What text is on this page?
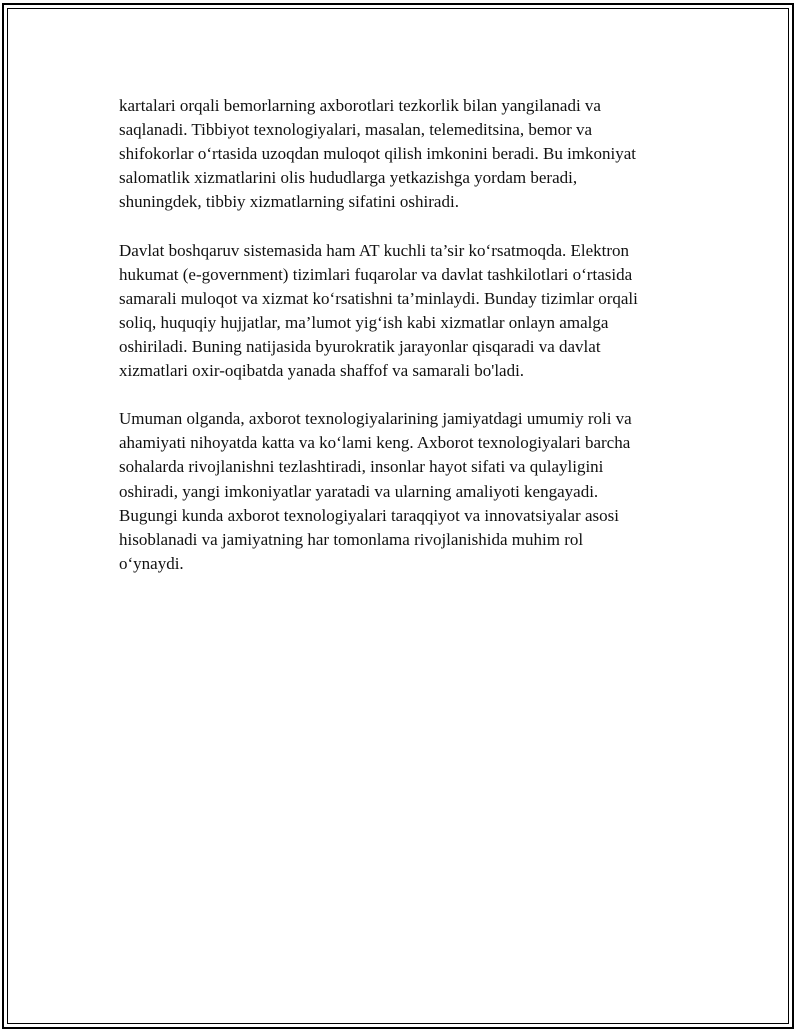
kartalari orqali bemorlarning axborotlari tezkorlik bilan yangilanadi va
saqlanadi. Tibbiyot texnologiyalari, masalan, telemeditsina, bemor va
shifokorlar o‘rtasida uzoqdan muloqot qilish imkonini beradi. Bu imkoniyat
salomatlik xizmatlarini olis hududlarga yetkazishga yordam beradi,
shuningdek, tibbiy xizmatlarning sifatini oshiradi.

Davlat boshqaruv sistemasida ham AT kuchli ta’sir ko‘rsatmoqda. Elektron
hukumat (e-government) tizimlari fuqarolar va davlat tashkilotlari o‘rtasida
samarali muloqot va xizmat ko‘rsatishni ta’minlaydi. Bunday tizimlar orqali
soliq, huquqiy hujjatlar, ma’lumot yig‘ish kabi xizmatlar onlayn amalga
oshiriladi. Buning natijasida byurokratik jarayonlar qisqaradi va davlat
xizmatlari oxir-oqibatda yanada shaffof va samarali bo'ladi.

Umuman olganda, axborot texnologiyalarining jamiyatdagi umumiy roli va
ahamiyati nihoyatda katta va ko‘lami keng. Axborot texnologiyalari barcha
sohalarda rivojlanishni tezlashtiradi, insonlar hayot sifati va qulayligini
oshiradi, yangi imkoniyatlar yaratadi va ularning amaliyoti kengayadi.
Bugungi kunda axborot texnologiyalari taraqqiyot va innovatsiyalar asosi
hisoblanadi va jamiyatning har tomonlama rivojlanishida muhim rol
o‘ynaydi.
